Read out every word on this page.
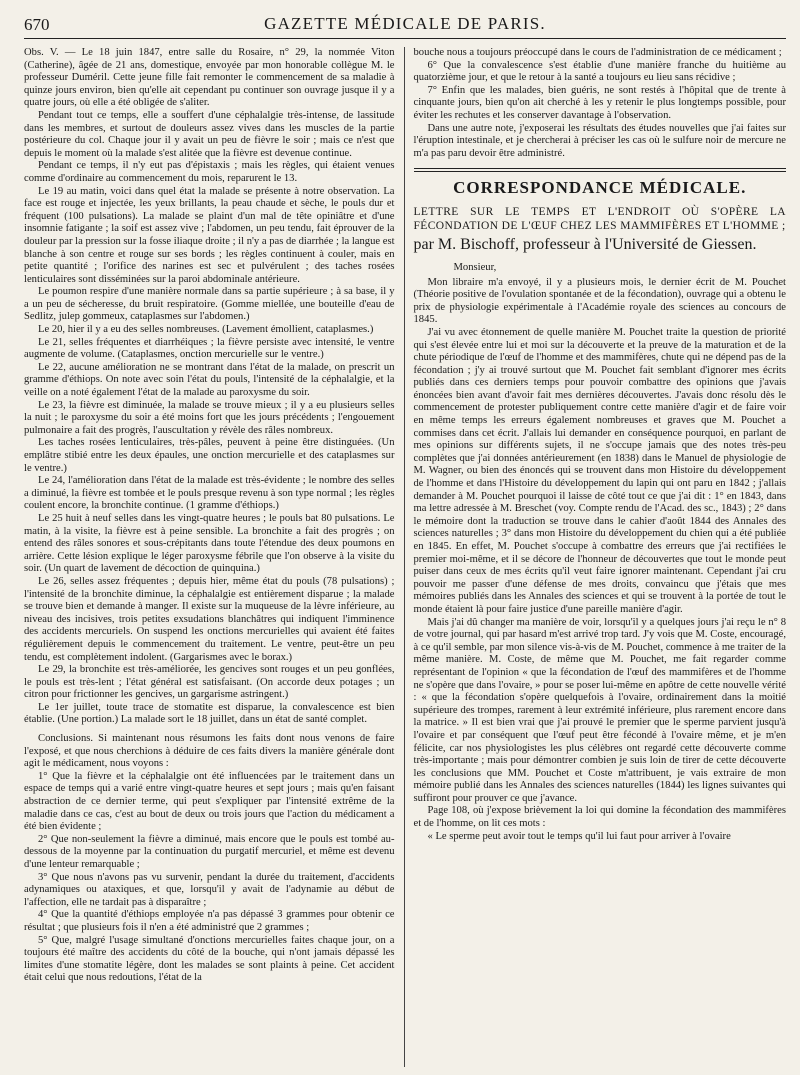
670	GAZETTE MÉDICALE DE PARIS.

Obs. V. — Le 18 juin 1847, entre salle du Rosaire, n° 29, la nommée Viton (Catherine), âgée de 21 ans, domestique, envoyée par mon honorable collègue M. le professeur Duméril. Cette jeune fille fait remonter le commencement de sa maladie à quinze jours environ, bien qu'elle ait cependant pu continuer son ouvrage jusque il y a quatre jours, où elle a été obligée de s'aliter.

Pendant tout ce temps, elle a souffert d'une céphalalgie très-intense, de lassitude dans les membres, et surtout de douleurs assez vives dans les muscles de la partie postérieure du col. Chaque jour il y avait un peu de fièvre le soir ; mais ce n'est que depuis le moment où la malade s'est alitée que la fièvre est devenue continue.

Pendant ce temps, il n'y eut pas d'épistaxis ; mais les règles, qui étaient venues comme d'ordinaire au commencement du mois, reparurent le 13.

Le 19 au matin, voici dans quel état la malade se présente à notre observation. La face est rouge et injectée, les yeux brillants, la peau chaude et sèche, le pouls dur et fréquent (100 pulsations). La malade se plaint d'un mal de tête opiniâtre et d'une insomnie fatigante ; la soif est assez vive ; l'abdomen, un peu tendu, fait éprouver de la douleur par la pression sur la fosse iliaque droite ; il n'y a pas de diarrhée ; la langue est blanche à son centre et rouge sur ses bords ; les règles continuent à couler, mais en petite quantité ; l'orifice des narines est sec et pulvérulent ; des taches rosées lenticulaires sont disséminées sur la paroi abdominale antérieure.

Le poumon respire d'une manière normale dans sa partie supérieure ; à sa base, il y a un peu de sécheresse, du bruit respiratoire. (Gomme miellée, une bouteille d'eau de Sedlitz, julep gommeux, cataplasmes sur l'abdomen.)

Le 20, hier il y a eu des selles nombreuses. (Lavement émollient, cataplasmes.)

Le 21, selles fréquentes et diarrhéiques ; la fièvre persiste avec intensité, le ventre augmente de volume. (Cataplasmes, onction mercurielle sur le ventre.)

Le 22, aucune amélioration ne se montrant dans l'état de la malade, on prescrit un gramme d'éthiops. On note avec soin l'état du pouls, l'intensité de la céphalalgie, et la veille on a noté également l'état de la malade au paroxysme du soir.

Le 23, la fièvre est diminuée, la malade se trouve mieux ; il y a eu plusieurs selles la nuit ; le paroxysme du soir a été moins fort que les jours précédents ; l'engouement pulmonaire a fait des progrès, l'auscultation y révèle des râles nombreux.

Les taches rosées lenticulaires, très-pâles, peuvent à peine être distinguées. (Un emplâtre stibié entre les deux épaules, une onction mercurielle et des cataplasmes sur le ventre.)

Le 24, l'amélioration dans l'état de la malade est très-évidente ; le nombre des selles a diminué, la fièvre est tombée et le pouls presque revenu à son type normal ; les règles coulent encore, la bronchite continue. (1 gramme d'éthiops.)

Le 25 huit à neuf selles dans les vingt-quatre heures ; le pouls bat 80 pulsations. Le matin, à la visite, la fièvre est à peine sensible. La bronchite a fait des progrès ; on entend des râles sonores et sous-crépitants dans toute l'étendue des deux poumons en arrière. Cette lésion explique le léger paroxysme fébrile que l'on observe à la visite du soir. (Un quart de lavement de décoction de quinquina.)

Le 26, selles assez fréquentes ; depuis hier, même état du pouls (78 pulsations) ; l'intensité de la bronchite diminue, la céphalalgie est entièrement disparue ; la malade se trouve bien et demande à manger. Il existe sur la muqueuse de la lèvre inférieure, au niveau des incisives, trois petites exsudations blanchâtres qui indiquent l'imminence des accidents mercuriels. On suspend les onctions mercurielles qui avaient été faites régulièrement depuis le commencement du traitement. Le ventre, peut-être un peu tendu, est complètement indolent. (Gargarismes avec le borax.)

Le 29, la bronchite est très-améliorée, les gencives sont rouges et un peu gonflées, le pouls est très-lent ; l'état général est satisfaisant. (On accorde deux potages ; un citron pour frictionner les gencives, un gargarisme astringent.)

Le 1er juillet, toute trace de stomatite est disparue, la convalescence est bien établie. (Une portion.) La malade sort le 18 juillet, dans un état de santé complet.

Conclusions. Si maintenant nous résumons les faits dont nous venons de faire l'exposé, et que nous cherchions à déduire de ces faits divers la manière générale dont agit le médicament, nous voyons :

1° Que la fièvre et la céphalalgie ont été influencées par le traitement dans un espace de temps qui a varié entre vingt-quatre heures et sept jours ; mais qu'en faisant abstraction de ce dernier terme, qui peut s'expliquer par l'intensité extrême de la maladie dans ce cas, c'est au bout de deux ou trois jours que l'action du médicament a été bien évidente ;

2° Que non-seulement la fièvre a diminué, mais encore que le pouls est tombé au-dessous de la moyenne par la continuation du purgatif mercuriel, et même est devenu d'une lenteur remarquable ;

3° Que nous n'avons pas vu survenir, pendant la durée du traitement, d'accidents adynamiques ou ataxiques, et que, lorsqu'il y avait de l'adynamie au début de l'affection, elle ne tardait pas à disparaître ;

4° Que la quantité d'éthiops employée n'a pas dépassé 3 grammes pour obtenir ce résultat ; que plusieurs fois il n'en a été administré que 2 grammes ;

5° Que, malgré l'usage simultané d'onctions mercurielles faites chaque jour, on a toujours été maître des accidents du côté de la bouche, qui n'ont jamais dépassé les limites d'une stomatite légère, dont les malades se sont plaints à peine. Cet accident était celui que nous redoutions, l'état de la

bouche nous a toujours préoccupé dans le cours de l'administration de ce médicament ;

6° Que la convalescence s'est établie d'une manière franche du huitième au quatorzième jour, et que le retour à la santé a toujours eu lieu sans récidive ;

7° Enfin que les malades, bien guéris, ne sont restés à l'hôpital que de trente à cinquante jours, bien qu'on ait cherché à les y retenir le plus longtemps possible, pour éviter les rechutes et les conserver davantage à l'observation.

Dans une autre note, j'exposerai les résultats des études nouvelles que j'ai faites sur l'éruption intestinale, et je chercherai à préciser les cas où le sulfure noir de mercure ne m'a pas paru devoir être administré.

CORRESPONDANCE MÉDICALE.

LETTRE SUR LE TEMPS ET L'ENDROIT OÙ S'OPÈRE LA FÉCONDATION DE L'ŒUF CHEZ LES MAMMIFÈRES ET L'HOMME ;

par M. Bischoff, professeur à l'Université de Giessen.

Monsieur,

Mon libraire m'a envoyé, il y a plusieurs mois, le dernier écrit de M. Pouchet (Théorie positive de l'ovulation spontanée et de la fécondation), ouvrage qui a obtenu le prix de physiologie expérimentale à l'Académie royale des sciences au concours de 1845.

J'ai vu avec étonnement de quelle manière M. Pouchet traite la question de priorité qui s'est élevée entre lui et moi sur la découverte et la preuve de la maturation et de la chute périodique de l'œuf de l'homme et des mammifères, chute qui ne dépend pas de la fécondation ; j'y ai trouvé surtout que M. Pouchet fait semblant d'ignorer mes écrits publiés dans ces derniers temps pour pouvoir combattre des opinions que j'avais énoncées bien avant d'avoir fait mes dernières découvertes. J'avais donc résolu dès le commencement de protester publiquement contre cette manière d'agir et de faire voir en même temps les erreurs également nombreuses et graves que M. Pouchet a commises dans cet écrit. J'allais lui demander en conséquence pourquoi, en parlant de mes opinions sur différents sujets, il ne s'occupe jamais que des notes très-peu complètes que j'ai données antérieurement (en 1838) dans le Manuel de physiologie de M. Wagner, ou bien des énoncés qui se trouvent dans mon Histoire du développement de l'homme et dans l'Histoire du développement du lapin qui ont paru en 1842 ; j'allais demander à M. Pouchet pourquoi il laisse de côté tout ce que j'ai dit : 1° en 1843, dans ma lettre adressée à M. Breschet (voy. Compte rendu de l'Acad. des sc., 1843) ; 2° dans le mémoire dont la traduction se trouve dans le cahier d'août 1844 des Annales des sciences naturelles ; 3° dans mon Histoire du développement du chien qui a été publiée en 1845. En effet, M. Pouchet s'occupe à combattre des erreurs que j'ai rectifiées le premier moi-même, et il se décore de l'honneur de découvertes que tout le monde peut puiser dans ceux de mes écrits qu'il veut faire ignorer maintenant. Cependant j'ai cru pouvoir me passer d'une défense de mes droits, convaincu que j'étais que mes mémoires publiés dans les Annales des sciences et qui se trouvent à la portée de tout le monde étaient là pour faire justice d'une pareille manière d'agir.

Mais j'ai dû changer ma manière de voir, lorsqu'il y a quelques jours j'ai reçu le n° 8 de votre journal, qui par hasard m'est arrivé trop tard. J'y vois que M. Coste, encouragé, à ce qu'il semble, par mon silence vis-à-vis de M. Pouchet, commence à me traiter de la même manière. M. Coste, de même que M. Pouchet, me fait regarder comme représentant de l'opinion « que la fécondation de l'œuf des mammifères et de l'homme ne s'opère que dans l'ovaire, » pour se poser lui-même en apôtre de cette nouvelle vérité : « que la fécondation s'opère quelquefois à l'ovaire, ordinairement dans la moitié supérieure des trompes, rarement à leur extrémité inférieure, plus rarement encore dans la matrice. » Il est bien vrai que j'ai prouvé le premier que le sperme parvient jusqu'à l'ovaire et par conséquent que l'œuf peut être fécondé à l'ovaire même, et je m'en félicite, car nos physiologistes les plus célèbres ont regardé cette découverte comme très-importante ; mais pour démontrer combien je suis loin de tirer de cette découverte les conclusions que MM. Pouchet et Coste m'attribuent, je vais extraire de mon mémoire publié dans les Annales des sciences naturelles (1844) les lignes suivantes qui suffiront pour prouver ce que j'avance.

Page 108, où j'expose brièvement la loi qui domine la fécondation des mammifères et de l'homme, on lit ces mots :

« Le sperme peut avoir tout le temps qu'il lui faut pour arriver à l'ovaire
